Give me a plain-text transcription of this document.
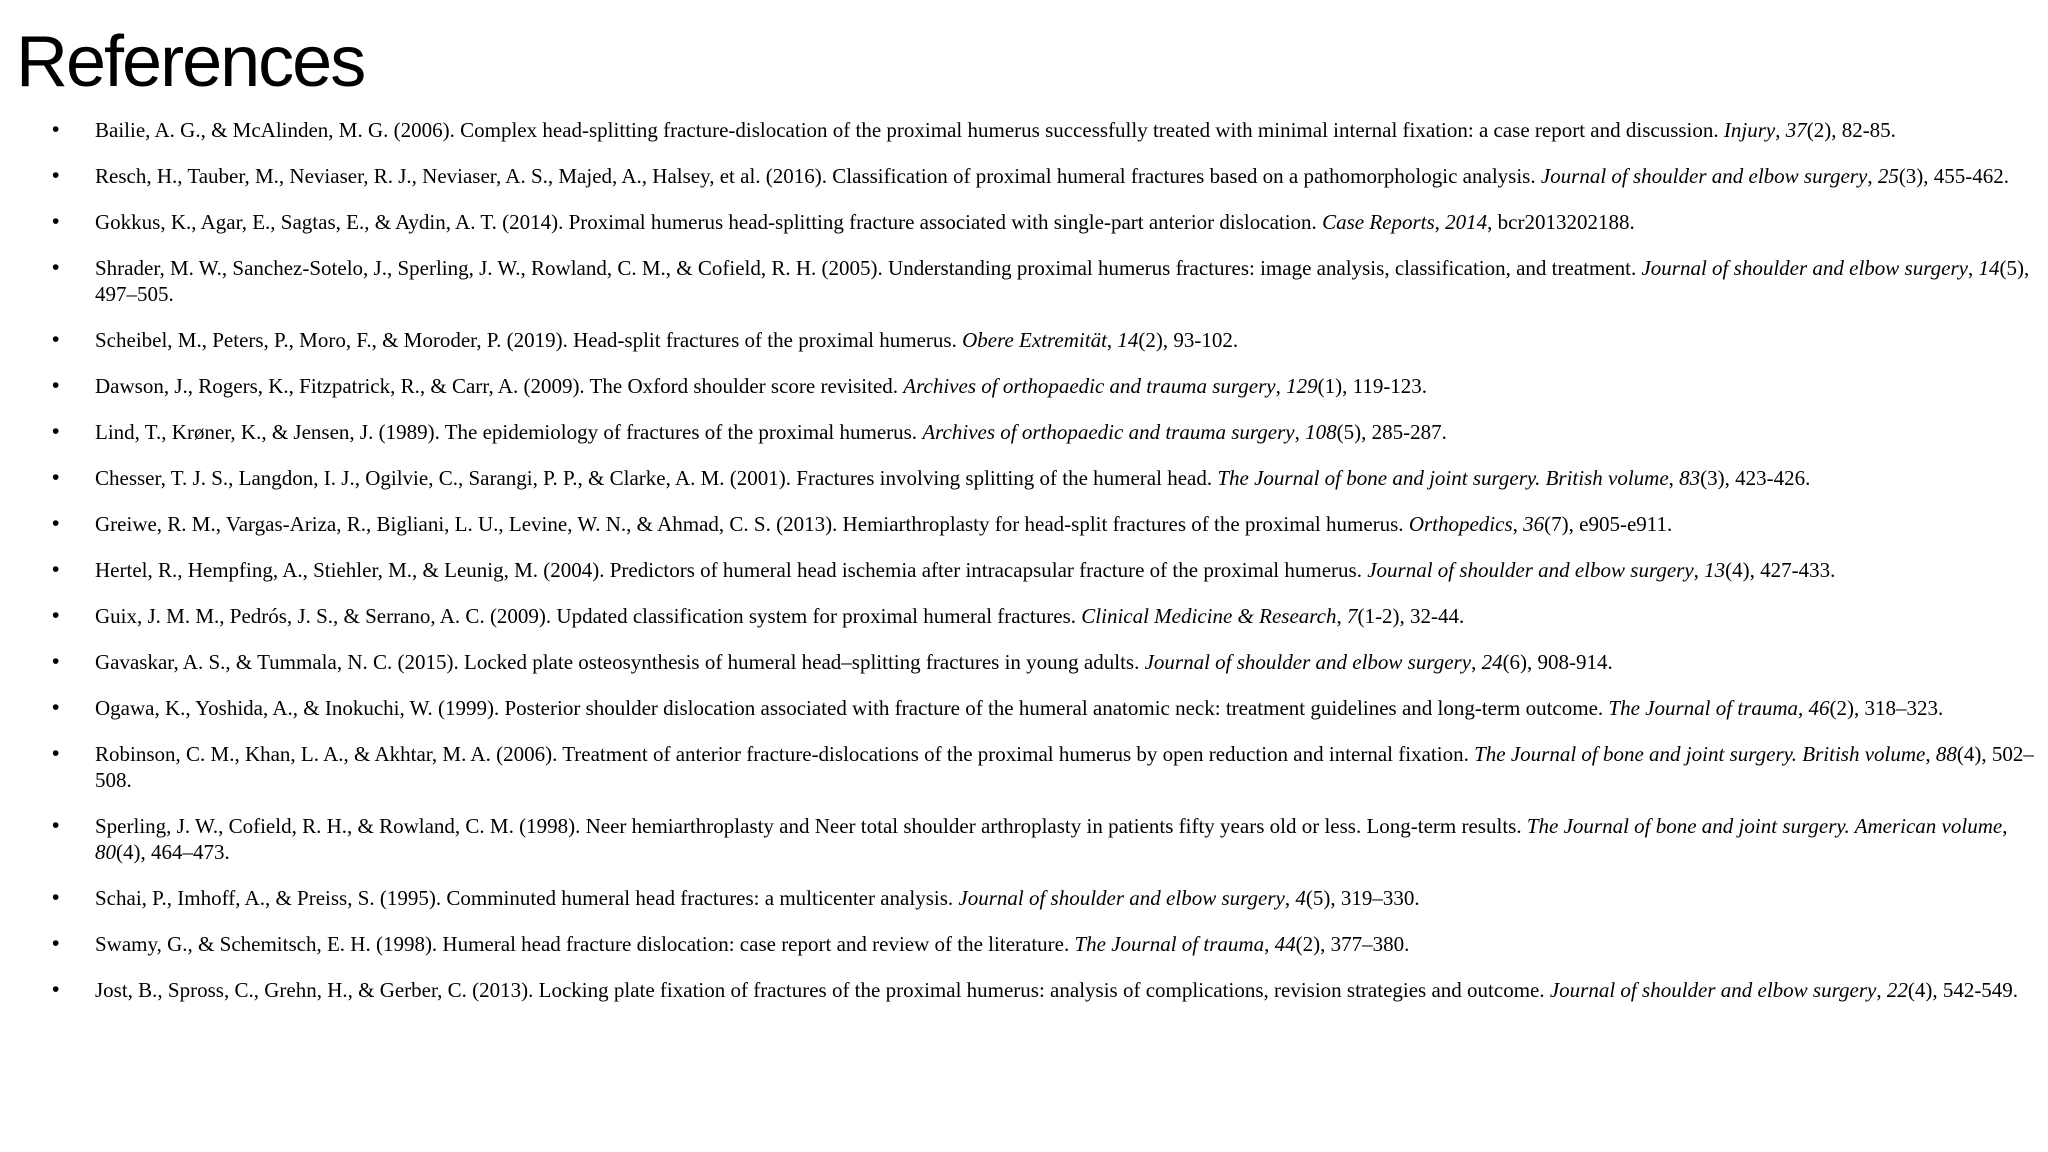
References
• Bailie, A. G., & McAlinden, M. G. (2006). Complex head-splitting fracture-dislocation of the proximal humerus successfully treated with minimal internal fixation: a case report and discussion. Injury, 37(2), 82-85.
• Resch, H., Tauber, M., Neviaser, R. J., Neviaser, A. S., Majed, A., Halsey, et al. (2016). Classification of proximal humeral fractures based on a pathomorphologic analysis. Journal of shoulder and elbow surgery, 25(3), 455-462.
• Gokkus, K., Agar, E., Sagtas, E., & Aydin, A. T. (2014). Proximal humerus head-splitting fracture associated with single-part anterior dislocation. Case Reports, 2014, bcr2013202188.
• Shrader, M. W., Sanchez-Sotelo, J., Sperling, J. W., Rowland, C. M., & Cofield, R. H. (2005). Understanding proximal humerus fractures: image analysis, classification, and treatment. Journal of shoulder and elbow surgery, 14(5), 497–505.
• Scheibel, M., Peters, P., Moro, F., & Moroder, P. (2019). Head-split fractures of the proximal humerus. Obere Extremität, 14(2), 93-102.
• Dawson, J., Rogers, K., Fitzpatrick, R., & Carr, A. (2009). The Oxford shoulder score revisited. Archives of orthopaedic and trauma surgery, 129(1), 119-123.
• Lind, T., Krøner, K., & Jensen, J. (1989). The epidemiology of fractures of the proximal humerus. Archives of orthopaedic and trauma surgery, 108(5), 285-287.
• Chesser, T. J. S., Langdon, I. J., Ogilvie, C., Sarangi, P. P., & Clarke, A. M. (2001). Fractures involving splitting of the humeral head. The Journal of bone and joint surgery. British volume, 83(3), 423-426.
• Greiwe, R. M., Vargas-Ariza, R., Bigliani, L. U., Levine, W. N., & Ahmad, C. S. (2013). Hemiarthroplasty for head-split fractures of the proximal humerus. Orthopedics, 36(7), e905-e911.
• Hertel, R., Hempfing, A., Stiehler, M., & Leunig, M. (2004). Predictors of humeral head ischemia after intracapsular fracture of the proximal humerus. Journal of shoulder and elbow surgery, 13(4), 427-433.
• Guix, J. M. M., Pedrós, J. S., & Serrano, A. C. (2009). Updated classification system for proximal humeral fractures. Clinical Medicine & Research, 7(1-2), 32-44.
• Gavaskar, A. S., & Tummala, N. C. (2015). Locked plate osteosynthesis of humeral head–splitting fractures in young adults. Journal of shoulder and elbow surgery, 24(6), 908-914.
• Ogawa, K., Yoshida, A., & Inokuchi, W. (1999). Posterior shoulder dislocation associated with fracture of the humeral anatomic neck: treatment guidelines and long-term outcome. The Journal of trauma, 46(2), 318–323.
• Robinson, C. M., Khan, L. A., & Akhtar, M. A. (2006). Treatment of anterior fracture-dislocations of the proximal humerus by open reduction and internal fixation. The Journal of bone and joint surgery. British volume, 88(4), 502–508.
• Sperling, J. W., Cofield, R. H., & Rowland, C. M. (1998). Neer hemiarthroplasty and Neer total shoulder arthroplasty in patients fifty years old or less. Long-term results. The Journal of bone and joint surgery. American volume, 80(4), 464–473.
• Schai, P., Imhoff, A., & Preiss, S. (1995). Comminuted humeral head fractures: a multicenter analysis. Journal of shoulder and elbow surgery, 4(5), 319–330.
• Swamy, G., & Schemitsch, E. H. (1998). Humeral head fracture dislocation: case report and review of the literature. The Journal of trauma, 44(2), 377–380.
• Jost, B., Spross, C., Grehn, H., & Gerber, C. (2013). Locking plate fixation of fractures of the proximal humerus: analysis of complications, revision strategies and outcome. Journal of shoulder and elbow surgery, 22(4), 542-549.
